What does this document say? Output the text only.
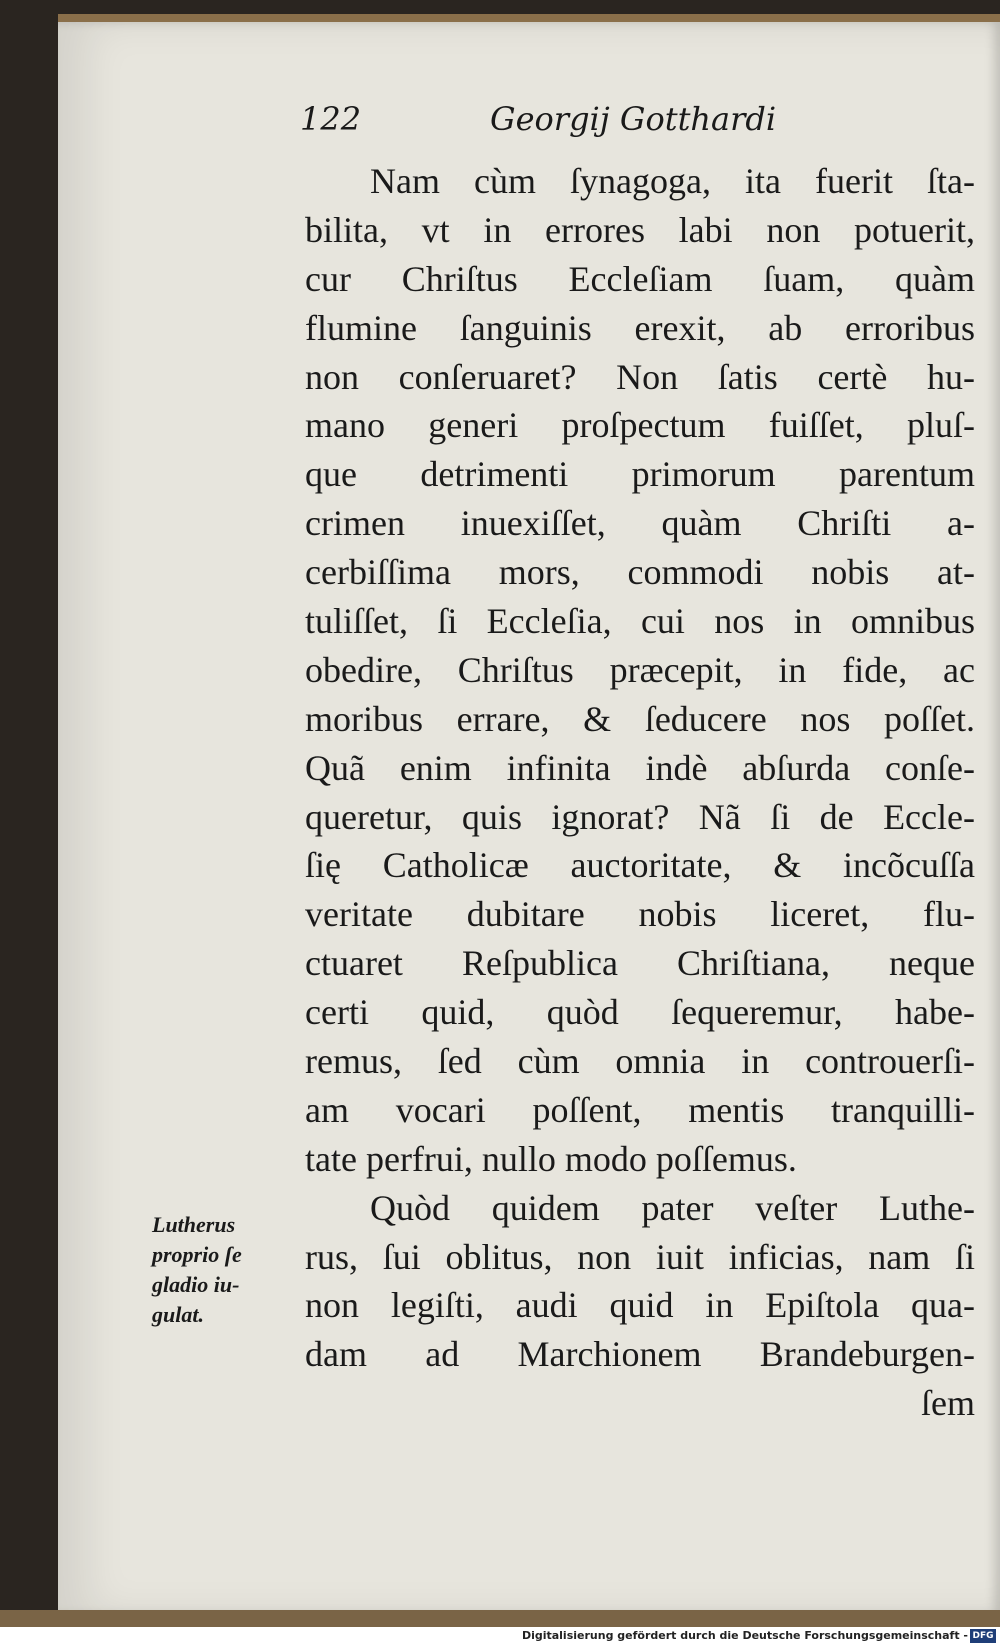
122	Georgij Gotthardi
Nam cùm ſynagoga, ita fuerit ſta-
bilita, vt in errores labi non potuerit,
cur Chriſtus Eccleſiam ſuam, quàm
flumine ſanguinis erexit, ab erroribus
non conſeruaret? Non ſatis certè hu-
mano generi proſpectum fuiſſet, pluſ-
que detrimenti primorum parentum
crimen inuexiſſet, quàm Chriſti a-
cerbiſſima mors, commodi nobis at-
tuliſſet, ſi Eccleſia, cui nos in omnibus
obedire, Chriſtus præcepit, in fide, ac
moribus errare, & ſeducere nos poſſet.
Quã enim infinita indè abſurda conſe-
queretur, quis ignorat? Nã ſi de Eccle-
ſię Catholicæ auctoritate, & incõcuſſa
veritate dubitare nobis liceret, flu-
ctuaret Reſpublica Chriſtiana, neque
certi quid, quòd ſequeremur, habe-
remus, ſed cùm omnia in controuerſi-
am vocari poſſent, mentis tranquilli-
tate perfrui, nullo modo poſſemus.
Quòd quidem pater veſter Luthe-
rus, ſui oblitus, non iuit inficias, nam ſi
non legiſti, audi quid in Epiſtola qua-
dam ad Marchionem Brandeburgen-
ſem
Lutherus
proprio ſe
gladio iu-
gulat.
Digitalisierung gefördert durch die Deutsche Forschungsgemeinschaft - DFG
